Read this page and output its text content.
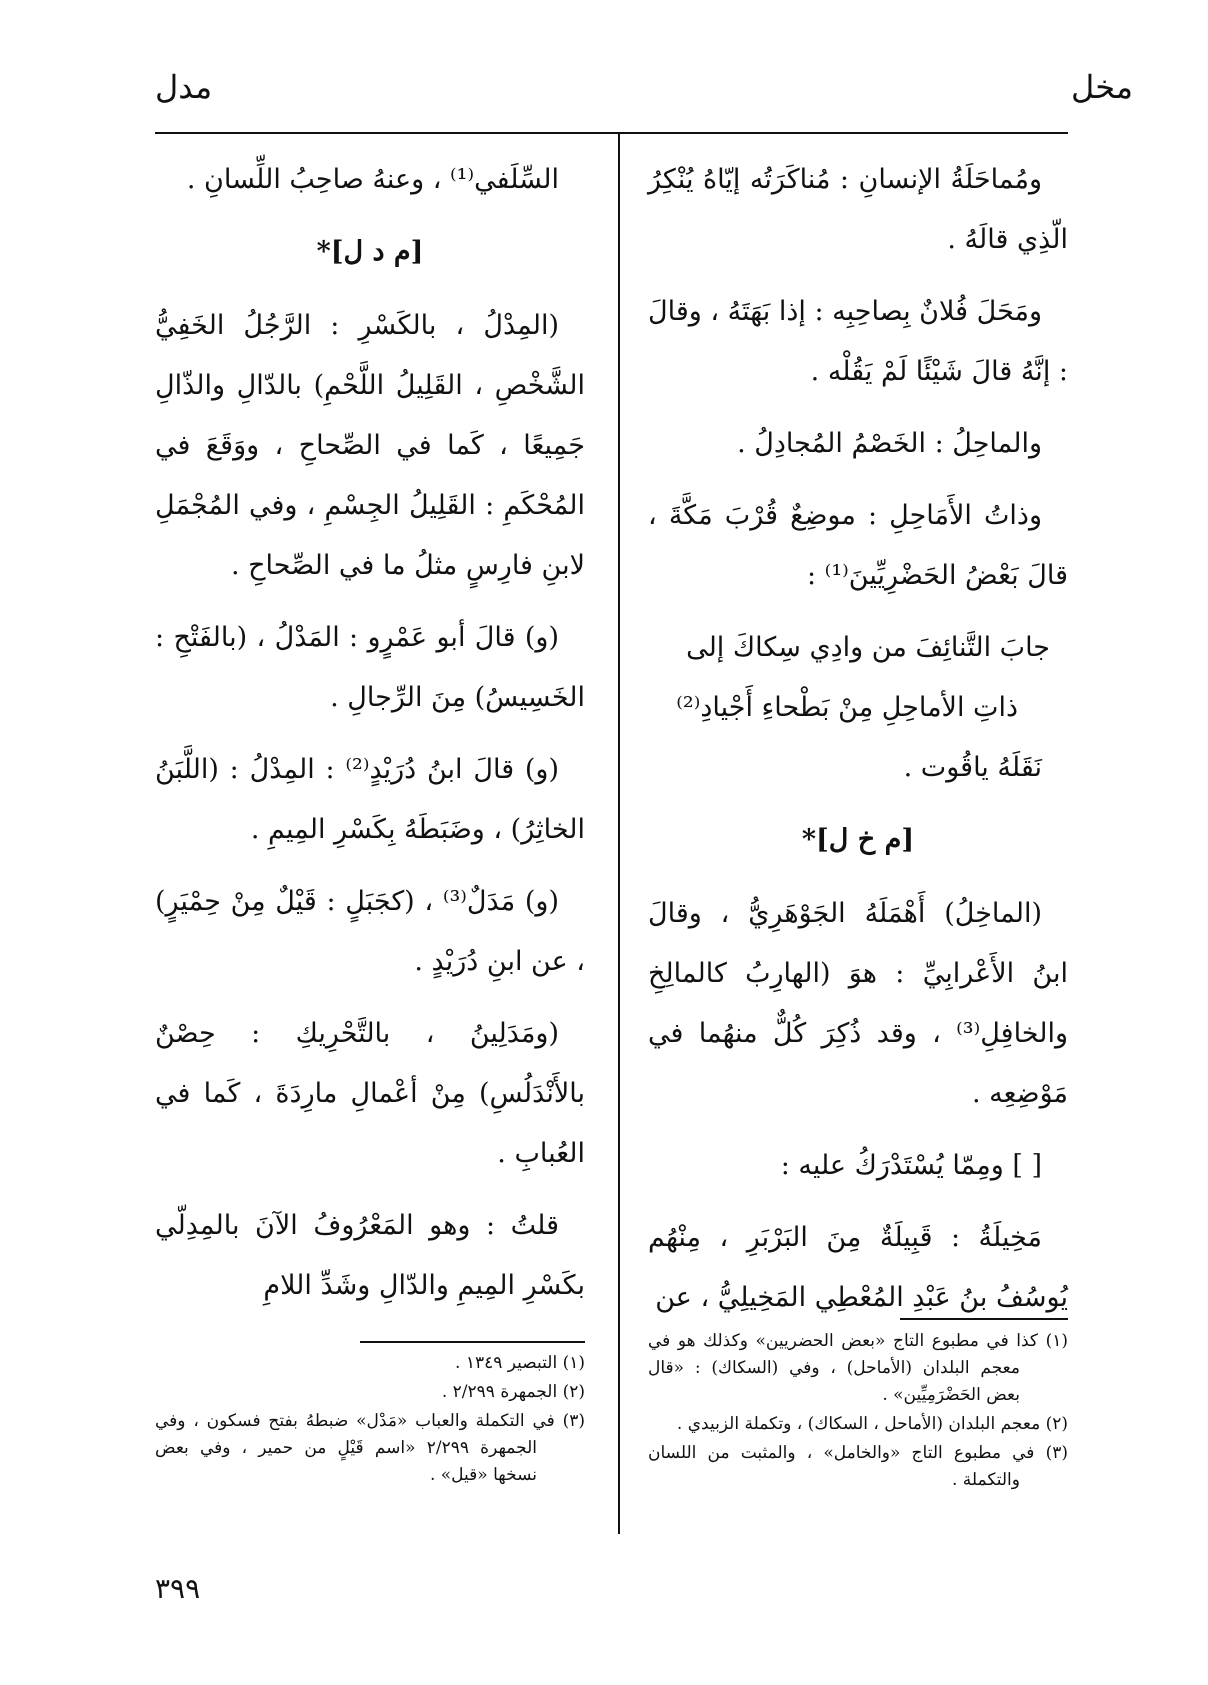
مخل
مدل

ومُماحَلَةُ الإنسانِ : مُناكَرَتُه إيّاهُ يُنْكِرُ الّذِي قالَهُ .

ومَحَلَ فُلانٌ بِصاحِبِه : إذا بَهَتَهُ ، وقالَ : إنَّهُ قالَ شَيْئًا لَمْ يَقُلْه .

والماحِلُ : الخَصْمُ المُجادِلُ .

وذاتُ الأَمَاحِلِ : موضِعٌ قُرْبَ مَكَّةَ ، قالَ بَعْضُ الحَضْرِيِّينَ⁽¹⁾ :

جابَ التَّنائِفَ من وادِي سِكاكَ إلى

ذاتِ الأماحِلِ مِنْ بَطْحاءِ أَجْيادِ⁽²⁾

نَقَلَهُ ياقُوت .

[م خ ل]*

(الماخِلُ) أَهْمَلَهُ الجَوْهَرِيُّ ، وقالَ ابنُ الأَعْرابِيِّ : هوَ (الهارِبُ كالمالِخِ والخافِلِ⁽³⁾ ، وقد ذُكِرَ كُلٌّ منهُما في مَوْضِعِه .

[ ] ومِمّا يُسْتَدْرَكُ عليه :

مَخِيلَةُ : قَبِيلَةٌ مِنَ البَرْبَرِ ، مِنْهُم يُوسُفُ بنُ عَبْدِ المُعْطِي المَخِيلِيُّ ، عن

السِّلَفي⁽¹⁾ ، وعنهُ صاحِبُ اللِّسانِ .

[م د ل]*

(المِدْلُ ، بالكَسْرِ : الرَّجُلُ الخَفِيُّ الشَّخْصِ ، القَلِيلُ اللَّحْمِ) بالدّالِ والذّالِ جَمِيعًا ، كَما في الصِّحاحِ ، ووَقَعَ في المُحْكَمِ : القَلِيلُ الجِسْمِ ، وفي المُجْمَلِ لابنِ فارِسٍ مثلُ ما في الصِّحاحِ .

(و) قالَ أبو عَمْرٍو : المَدْلُ ، (بالفَتْحِ : الخَسِيسُ) مِنَ الرِّجالِ .

(و) قالَ ابنُ دُرَيْدٍ⁽²⁾ : المِدْلُ : (اللَّبَنُ الخاثِرُ) ، وضَبَطَهُ بِكَسْرِ المِيمِ .

(و) مَدَلٌ⁽³⁾ ، (كجَبَلٍ : قَيْلٌ مِنْ حِمْيَرٍ) ، عن ابنِ دُرَيْدٍ .

(ومَدَلِينُ ، بالتَّحْرِيكِ : حِصْنٌ بالأَنْدَلُسِ) مِنْ أعْمالِ مارِدَةَ ، كَما في العُبابِ .

قلتُ : وهو المَعْرُوفُ الآنَ بالمِدِلّي بكَسْرِ المِيمِ والدّالِ وشَدِّ اللامِ

(١) كذا في مطبوع التاج «بعض الحضريين» وكذلك هو في معجم البلدان (الأماحل) ، وفي (السكاك) : «قال بعض الحَضْرَمِيِّين» .
(٢) معجم البلدان (الأماحل ، السكاك) ، وتكملة الزبيدي .
(٣) في مطبوع التاج «والخامل» ، والمثبت من اللسان والتكملة .
(١) التبصير ١٣٤٩ .
(٢) الجمهرة ٢/٢٩٩ .
(٣) في التكملة والعباب «مَدْل» ضبطهُ بفتح فسكون ، وفي الجمهرة ٢/٢٩٩ «اسم قَيْلٍ من حمير ، وفي بعض نسخها «قيل» .
٣٩٩
